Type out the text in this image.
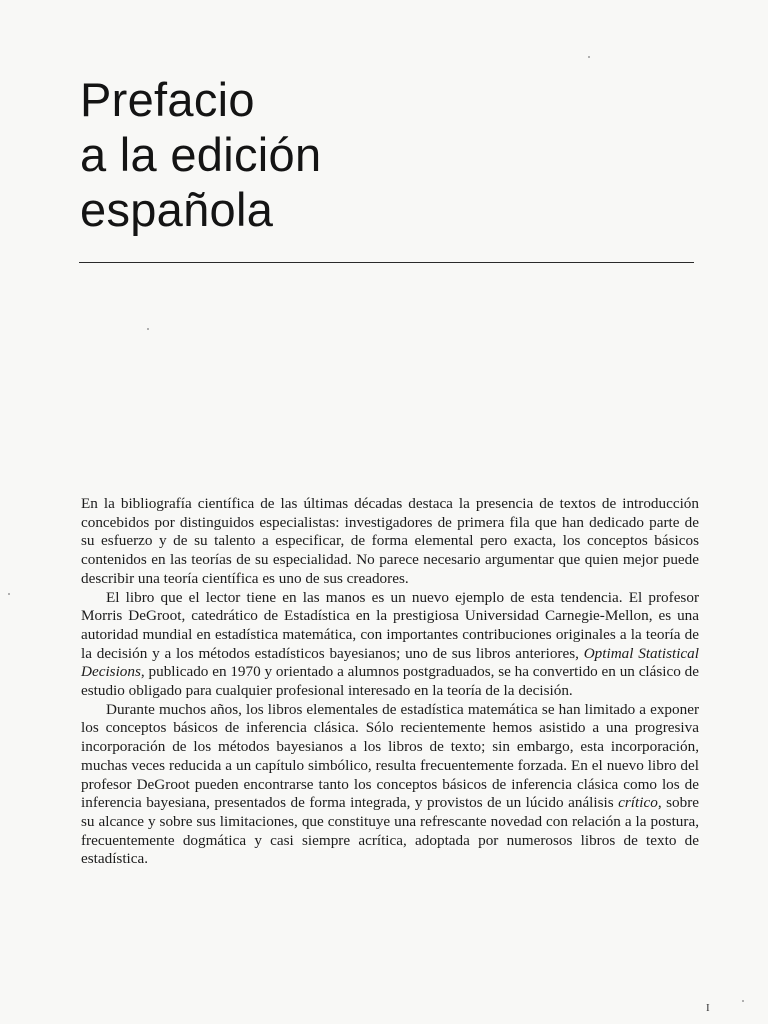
Prefacio
a la edición
española

En la bibliografía científica de las últimas décadas destaca la presencia de textos de introducción concebidos por distinguidos especialistas: investigadores de primera fila que han dedicado parte de su esfuerzo y de su talento a especificar, de forma elemental pero exacta, los conceptos básicos contenidos en las teorías de su especialidad. No parece necesario argumentar que quien mejor puede describir una teoría científica es uno de sus creadores.

El libro que el lector tiene en las manos es un nuevo ejemplo de esta tendencia. El profesor Morris DeGroot, catedrático de Estadística en la prestigiosa Universidad Carnegie-Mellon, es una autoridad mundial en estadística matemática, con importantes contribuciones originales a la teoría de la decisión y a los métodos estadísticos bayesianos; uno de sus libros anteriores, Optimal Statistical Decisions, publicado en 1970 y orientado a alumnos postgraduados, se ha convertido en un clásico de estudio obligado para cualquier profesional interesado en la teoría de la decisión.

Durante muchos años, los libros elementales de estadística matemática se han limitado a exponer los conceptos básicos de inferencia clásica. Sólo recientemente hemos asistido a una progresiva incorporación de los métodos bayesianos a los libros de texto; sin embargo, esta incorporación, muchas veces reducida a un capítulo simbólico, resulta frecuentemente forzada. En el nuevo libro del profesor DeGroot pueden encontrarse tanto los conceptos básicos de inferencia clásica como los de inferencia bayesiana, presentados de forma integrada, y provistos de un lúcido análisis crítico, sobre su alcance y sobre sus limitaciones, que constituye una refrescante novedad con relación a la postura, frecuentemente dogmática y casi siempre acrítica, adoptada por numerosos libros de texto de estadística.

I
